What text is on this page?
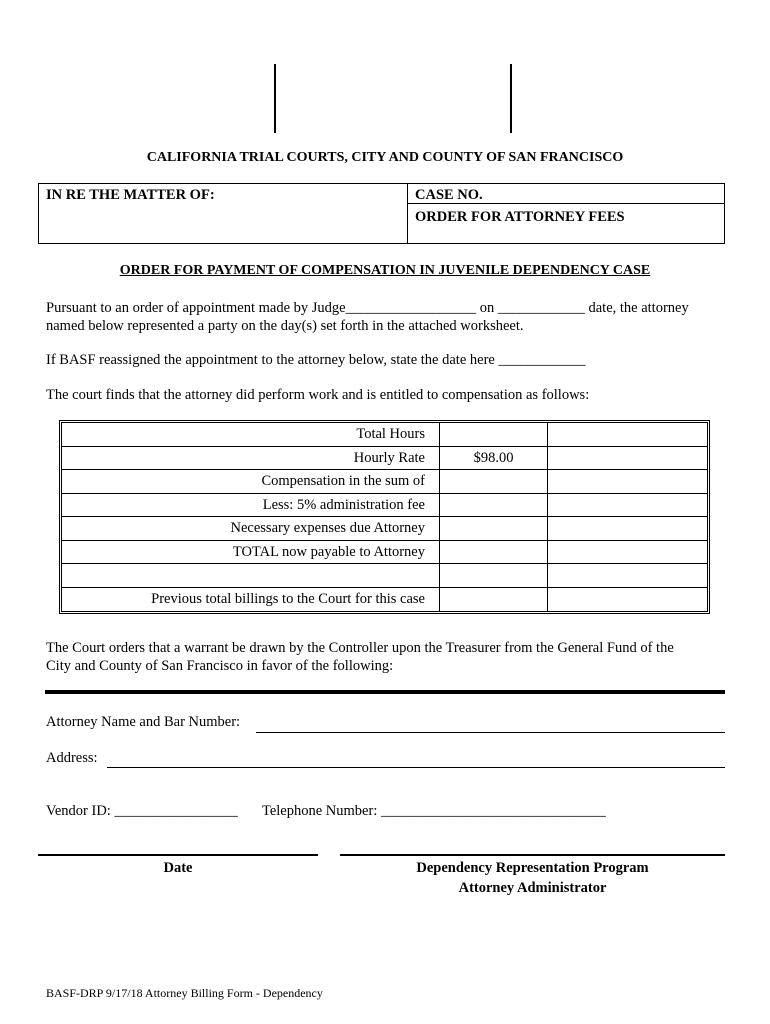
CALIFORNIA TRIAL COURTS, CITY AND COUNTY OF SAN FRANCISCO
IN RE THE MATTER OF:	CASE NO.
ORDER FOR ATTORNEY FEES
ORDER FOR PAYMENT OF COMPENSATION IN JUVENILE DEPENDENCY CASE
Pursuant to an order of appointment made by Judge__________________ on ____________ date, the attorney
named below represented a party on the day(s) set forth in the attached worksheet.
If BASF reassigned the appointment to the attorney below, state the date here ____________
The court finds that the attorney did perform work and is entitled to compensation as follows:
Total Hours
Hourly Rate	$98.00
Compensation in the sum of
Less: 5% administration fee
Necessary expenses due Attorney
TOTAL now payable to Attorney
Previous total billings to the Court for this case
The Court orders that a warrant be drawn by the Controller upon the Treasurer from the General Fund of the
City and County of San Francisco in favor of the following:
Attorney Name and Bar Number:
Address:
Vendor ID: _________________ Telephone Number: _______________________________
Date	Dependency Representation Program
Attorney Administrator
BASF-DRP 9/17/18 Attorney Billing Form - Dependency
